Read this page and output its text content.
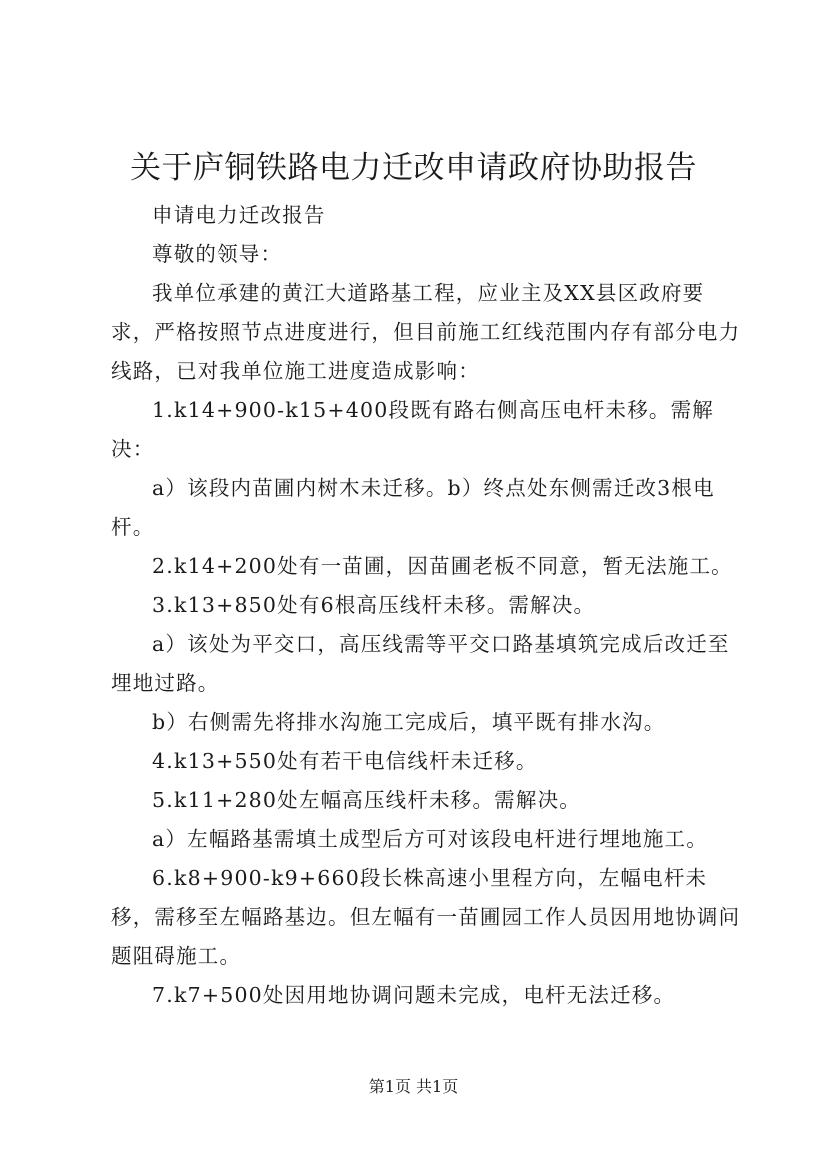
关于庐铜铁路电力迁改申请政府协助报告

申请电力迁改报告

尊敬的领导：

我单位承建的黄江大道路基工程，应业主及XX县区政府要求，严格按照节点进度进行，但目前施工红线范围内存有部分电力线路，已对我单位施工进度造成影响：

1.k14+900-k15+400段既有路右侧高压电杆未移。需解决：

a）该段内苗圃内树木未迁移。b）终点处东侧需迁改3根电杆。

2.k14+200处有一苗圃，因苗圃老板不同意，暂无法施工。

3.k13+850处有6根高压线杆未移。需解决。

a）该处为平交口，高压线需等平交口路基填筑完成后改迁至埋地过路。

b）右侧需先将排水沟施工完成后，填平既有排水沟。

4.k13+550处有若干电信线杆未迁移。

5.k11+280处左幅高压线杆未移。需解决。

a）左幅路基需填土成型后方可对该段电杆进行埋地施工。

6.k8+900-k9+660段长株高速小里程方向，左幅电杆未移，需移至左幅路基边。但左幅有一苗圃园工作人员因用地协调问题阻碍施工。

7.k7+500处因用地协调问题未完成，电杆无法迁移。

第1页 共1页
